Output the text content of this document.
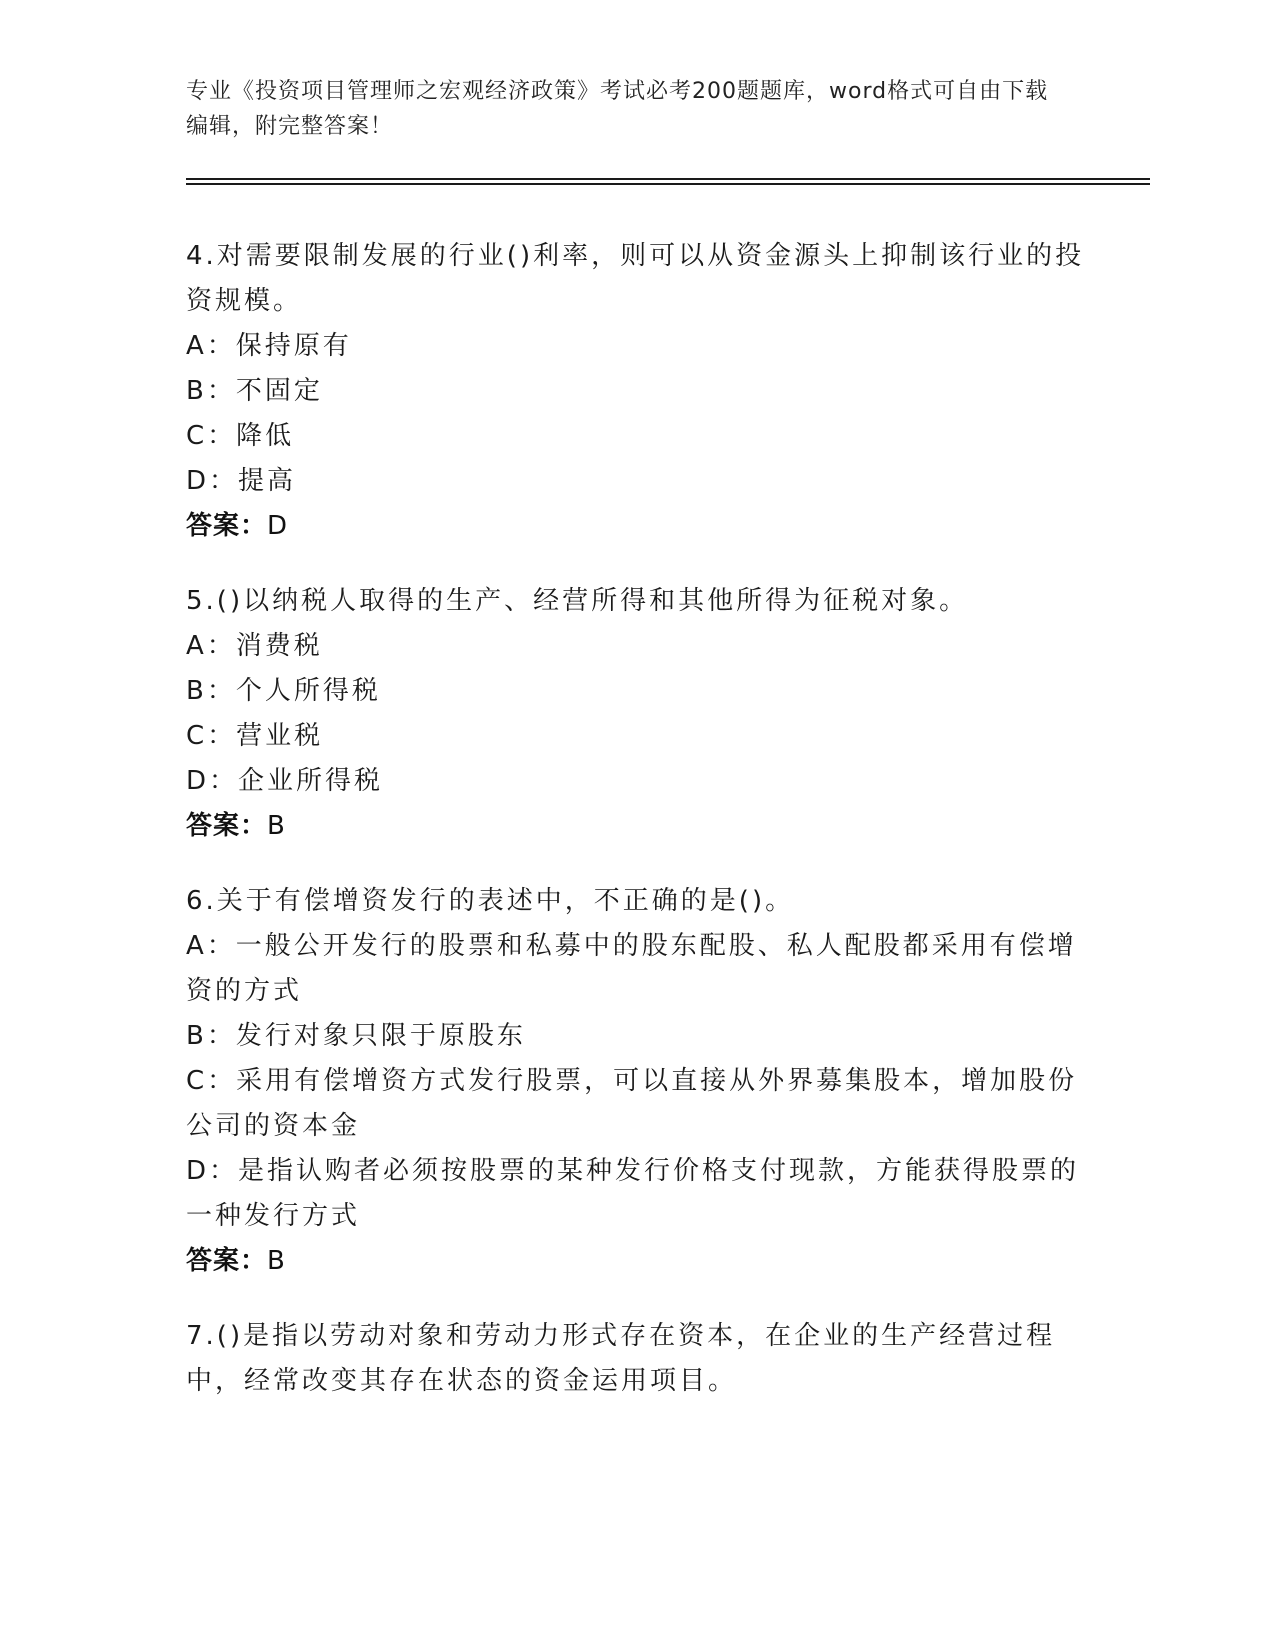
专业《投资项目管理师之宏观经济政策》考试必考200题题库，word格式可自由下载编辑，附完整答案！
4.对需要限制发展的行业()利率，则可以从资金源头上抑制该行业的投资规模。
A：保持原有
B：不固定
C：降低
D：提高
答案：D
5.()以纳税人取得的生产、经营所得和其他所得为征税对象。
A：消费税
B：个人所得税
C：营业税
D：企业所得税
答案：B
6.关于有偿增资发行的表述中，不正确的是()。
A：一般公开发行的股票和私募中的股东配股、私人配股都采用有偿增资的方式
B：发行对象只限于原股东
C：采用有偿增资方式发行股票，可以直接从外界募集股本，增加股份公司的资本金
D：是指认购者必须按股票的某种发行价格支付现款，方能获得股票的一种发行方式
答案：B
7.()是指以劳动对象和劳动力形式存在资本，在企业的生产经营过程中，经常改变其存在状态的资金运用项目。
